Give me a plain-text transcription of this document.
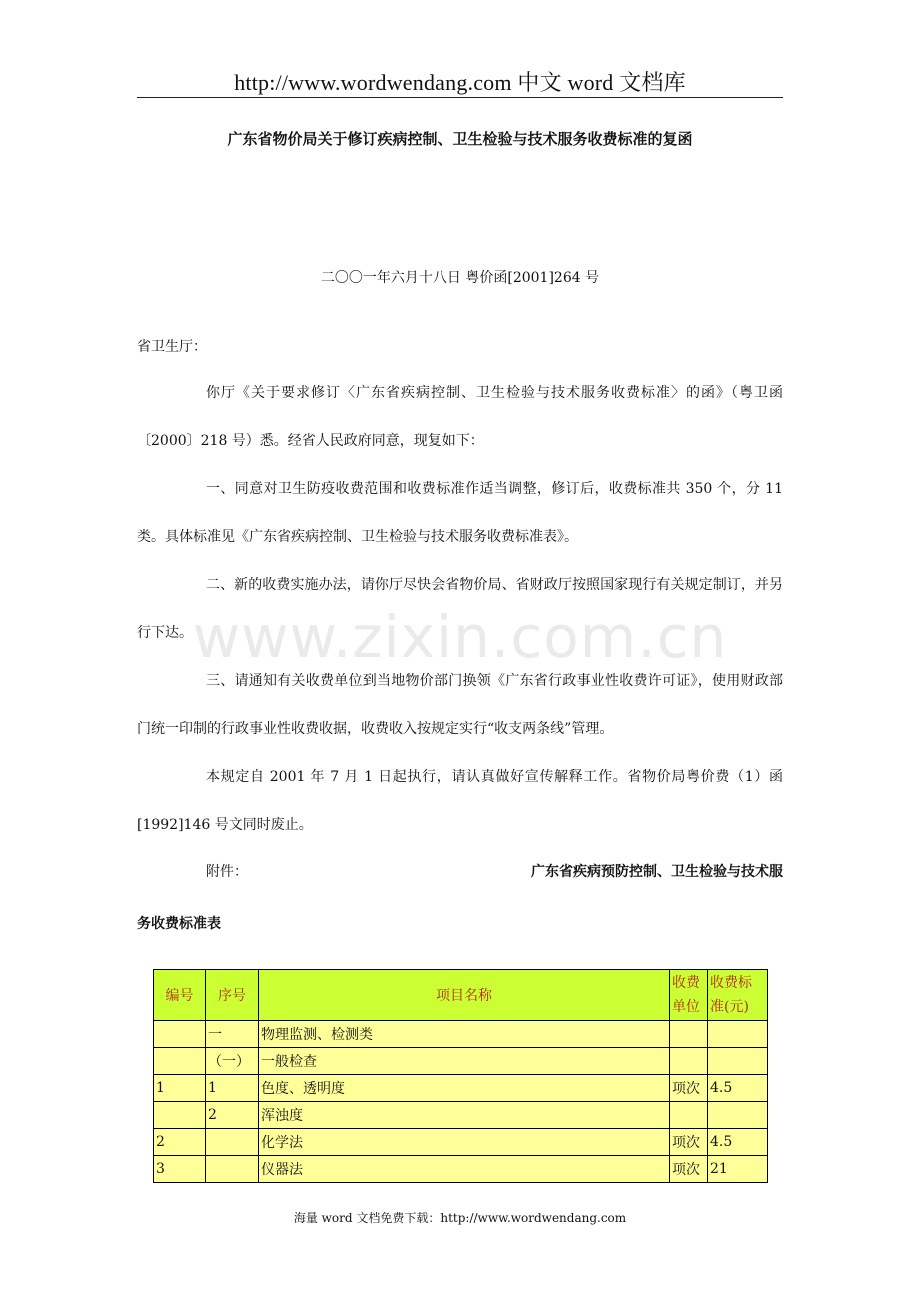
http://www.wordwendang.com 中文 word 文档库
广东省物价局关于修订疾病控制、卫生检验与技术服务收费标准的复函
二〇〇一年六月十八日 粤价函[2001]264 号
省卫生厅：
你厅《关于要求修订〈广东省疾病控制、卫生检验与技术服务收费标准〉的函》（粤卫函〔2000〕218 号）悉。经省人民政府同意，现复如下：
一、同意对卫生防疫收费范围和收费标准作适当调整，修订后，收费标准共 350 个，分 11 类。具体标准见《广东省疾病控制、卫生检验与技术服务收费标准表》。
二、新的收费实施办法，请你厅尽快会省物价局、省财政厅按照国家现行有关规定制订，并另行下达。
三、请通知有关收费单位到当地物价部门换领《广东省行政事业性收费许可证》，使用财政部门统一印制的行政事业性收费收据，收费收入按规定实行“收支两条线”管理。
本规定自 2001 年 7 月 1 日起执行，请认真做好宣传解释工作。省物价局粤价费（1）函[1992]146 号文同时废止。
附件：	广东省疾病预防控制、卫生检验与技术服
务收费标准表
www.zixin.com.cn
编号	序号	项目名称	收费单位	收费标准(元)
	一	物理监测、检测类		
	（一）	一般检查		
1	1	色度、透明度	项次	4.5
	2	浑浊度		
2		化学法	项次	4.5
3		仪器法	项次	21
海量 word 文档免费下载：http://www.wordwendang.com
